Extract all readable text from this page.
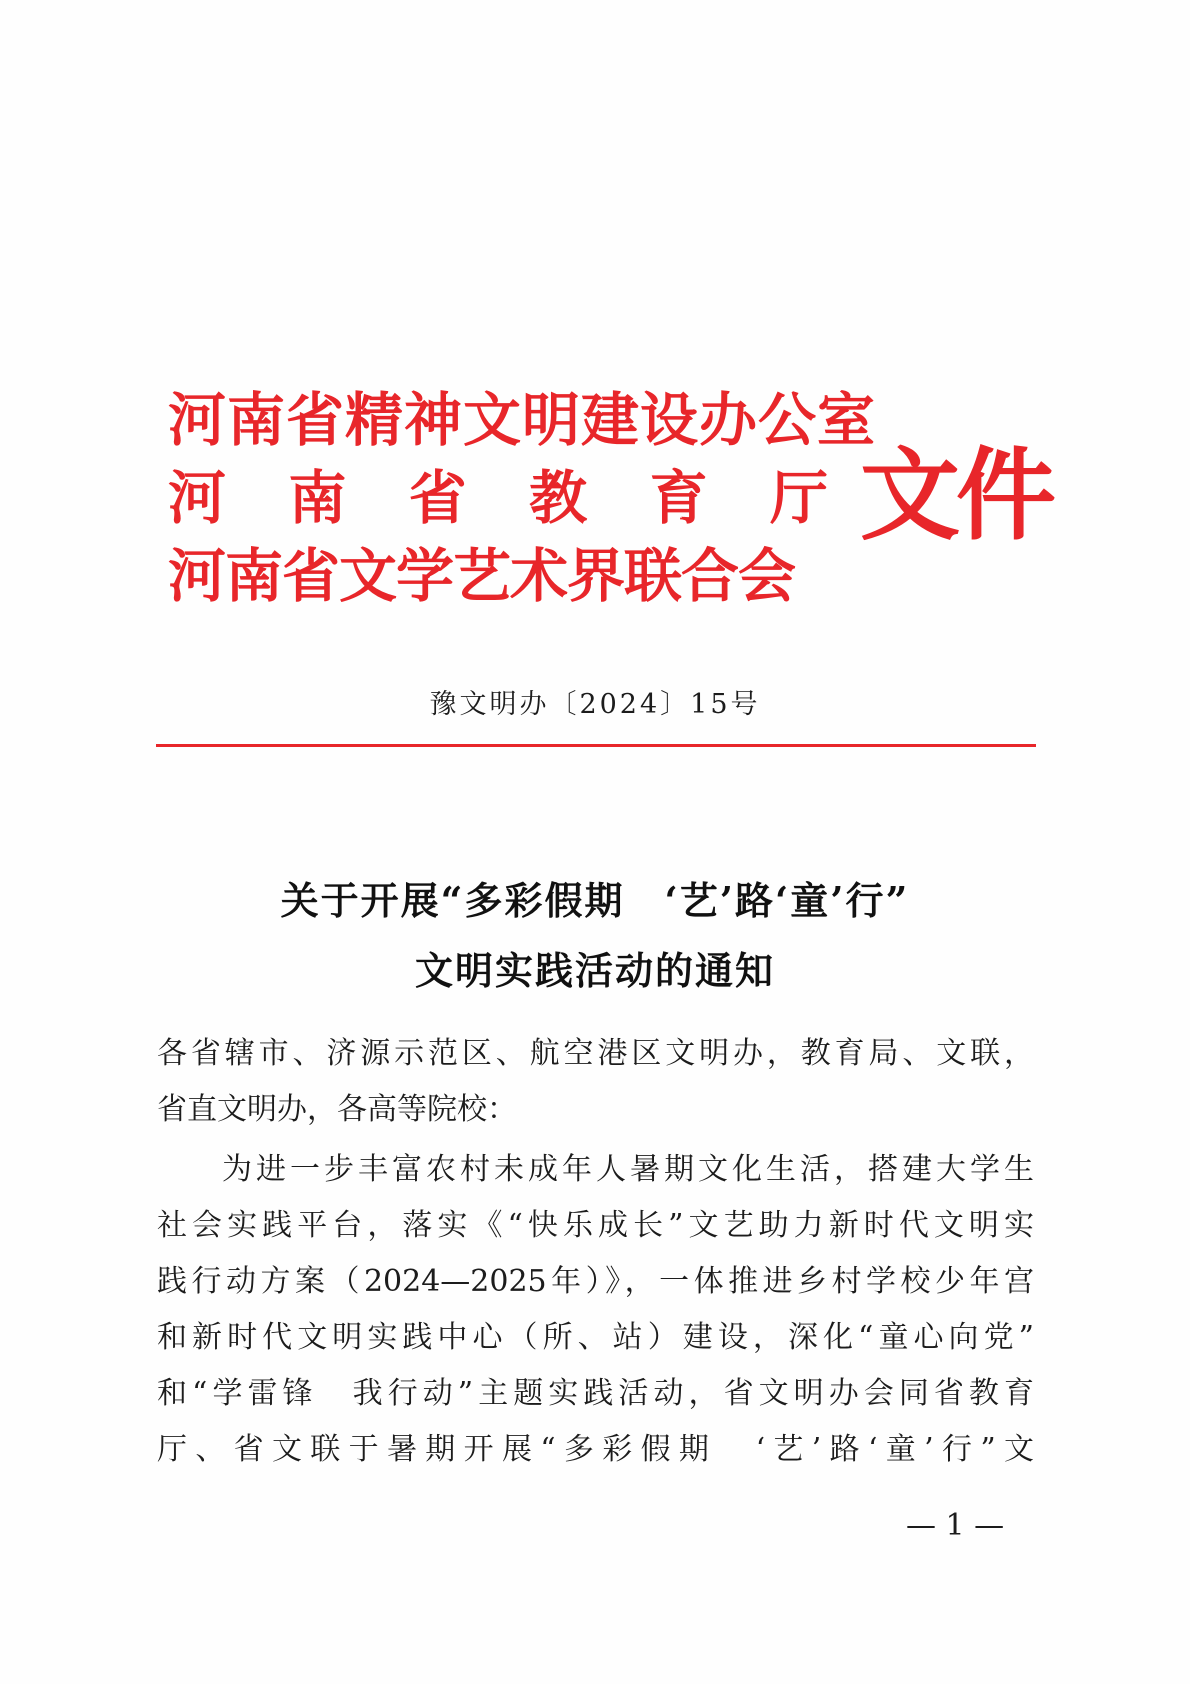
河南省精神文明建设办公室
河 南 省 教 育 厅
河南省文学艺术界联合会
文件
豫文明办〔2024〕15号
关于开展“多彩假期　‘艺’路‘童’行”
文明实践活动的通知
各省辖市、济源示范区、航空港区文明办，教育局、文联，
省直文明办，各高等院校：
为进一步丰富农村未成年人暑期文化生活，搭建大学生
社会实践平台，落实《“快乐成长”文艺助力新时代文明实
践行动方案（2024—2025年）》，一体推进乡村学校少年宫
和新时代文明实践中心（所、站）建设，深化“童心向党”
和“学雷锋　我行动”主题实践活动，省文明办会同省教育
厅、省文联于暑期开展“多彩假期　‘艺’路‘童’行”文
— 1 —
